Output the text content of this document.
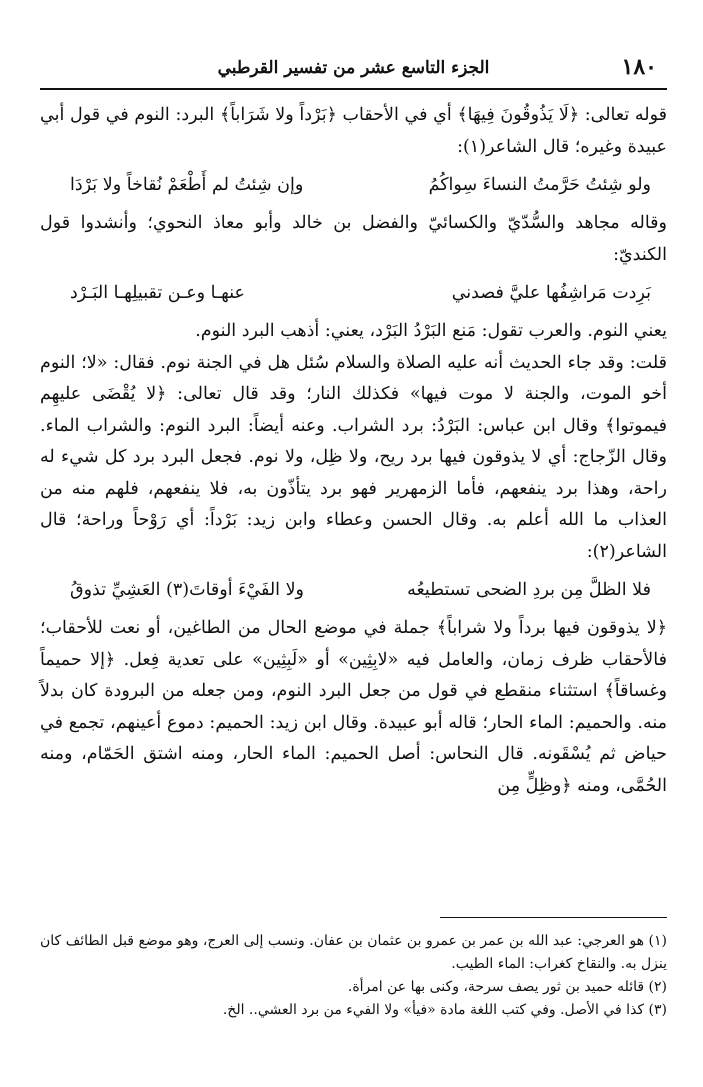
١٨٠
الجزء التاسع عشر من تفسير القرطبي

قوله تعالى: ﴿لَا يَذُوقُونَ فِيهَا﴾ أي في الأحقاب ﴿بَرْداً ولا شَرَاباً﴾ البرد: النوم في قول أبي عبيدة وغيره؛ قال الشاعر(١):

ولو شِئتُ حَرَّمتُ النساءَ سِواكُمُ
وإن شِئتُ لم أَطْعَمْ نُقاخاً ولا بَرْدَا

وقاله مجاهد والسُّدّيّ والكسائيّ والفضل بن خالد وأبو معاذ النحوي؛ وأنشدوا قول الكنديّ:

بَرِدت مَراشِفُها عليَّ فصدني
عنهـا وعـن تقبيلِهـا البَـرْد

يعني النوم. والعرب تقول: مَنع البَرْدُ البَرْد، يعني: أذهب البرد النوم.

قلت: وقد جاء الحديث أنه عليه الصلاة والسلام سُئل هل في الجنة نوم. فقال: «لا؛ النوم أخو الموت، والجنة لا موت فيها» فكذلك النار؛ وقد قال تعالى: ﴿لا يُقْضَى عليهِم فيموتوا﴾ وقال ابن عباس: البَرْدُ: برد الشراب. وعنه أيضاً: البرد النوم: والشراب الماء. وقال الزّجاج: أي لا يذوقون فيها برد ريح، ولا ظِل، ولا نوم. فجعل البرد برد كل شيء له راحة، وهذا برد ينفعهم، فأما الزمهرير فهو برد يتأذّون به، فلا ينفعهم، فلهم منه من العذاب ما الله أعلم به. وقال الحسن وعطاء وابن زيد: بَرْداً: أي رَوْحاً وراحة؛ قال الشاعر(٢):

فلا الظلَّ مِن بردِ الضحى تستطيعُه
ولا الفَيْءَ أوقاتَ(٣) العَشِيِّ تذوقُ

﴿لا يذوقون فيها برداً ولا شراباً﴾ جملة في موضع الحال من الطاغين، أو نعت للأحقاب؛ فالأحقاب ظرف زمان، والعامل فيه «لابِثِين» أو «لَبِثِين» على تعدية فِعل. ﴿إلا حميماً وغساقاً﴾ استثناء منقطع في قول من جعل البرد النوم، ومن جعله من البرودة كان بدلاً منه. والحميم: الماء الحار؛ قاله أبو عبيدة. وقال ابن زيد: الحميم: دموع أعينهم، تجمع في حياض ثم يُسْقَونه. قال النحاس: أصل الحميم: الماء الحار، ومنه اشتق الحَمّام، ومنه الحُمَّى، ومنه ﴿وظِلٍّ مِن

(١) هو العرجي: عبد الله بن عمر بن عمرو بن عثمان بن عفان. ونسب إلى العرج، وهو موضع قبل الطائف كان ينزل به. والنقاخ كغراب: الماء الطيب.

(٢) قائله حميد بن ثور يصف سرحة، وكنى بها عن امرأة.

(٣) كذا في الأصل. وفي كتب اللغة مادة «فيأ» ولا الفيء من برد العشي.. الخ.
